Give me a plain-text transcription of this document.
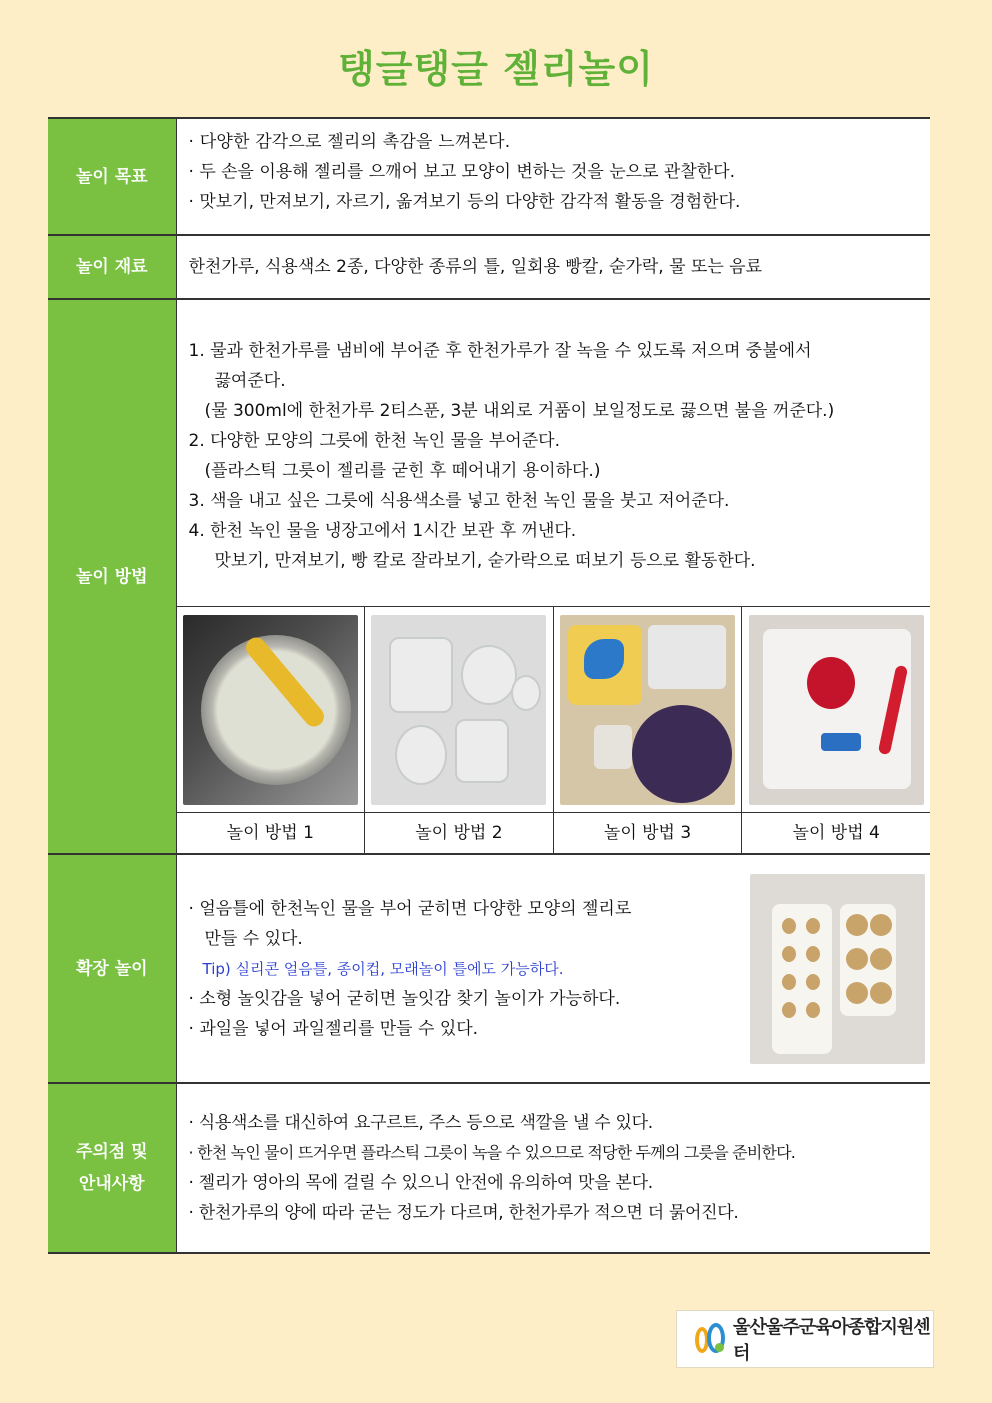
탱글탱글 젤리놀이
놀이 목표	
· 다양한 감각으로 젤리의 촉감을 느껴본다.
· 두 손을 이용해 젤리를 으깨어 보고 모양이 변하는 것을 눈으로 관찰한다.
· 맛보기, 만져보기, 자르기, 옮겨보기 등의 다양한 감각적 활동을 경험한다.

놀이 재료	한천가루, 식용색소 2종, 다양한 종류의 틀, 일회용 빵칼, 숟가락, 물 또는 음료

놀이 방법	
1. 물과 한천가루를 냄비에 부어준 후 한천가루가 잘 녹을 수 있도록 저으며 중불에서
끓여준다.
(물 300ml에 한천가루 2티스푼, 3분 내외로 거품이 보일정도로 끓으면 불을 꺼준다.)
2. 다양한 모양의 그릇에 한천 녹인 물을 부어준다.
(플라스틱 그릇이 젤리를 굳힌 후 떼어내기 용이하다.)
3. 색을 내고 싶은 그릇에 식용색소를 넣고 한천 녹인 물을 붓고 저어준다.
4. 한천 녹인 물을 냉장고에서 1시간 보관 후 꺼낸다.
맛보기, 만져보기, 빵 칼로 잘라보기, 숟가락으로 떠보기 등으로 활동한다.

놀이 방법 1	놀이 방법 2	놀이 방법 3	놀이 방법 4

확장 놀이	
· 얼음틀에 한천녹인 물을 부어 굳히면 다양한 모양의 젤리로
만들 수 있다.
Tip) 실리콘 얼음틀, 종이컵, 모래놀이 틀에도 가능하다.
· 소형 놀잇감을 넣어 굳히면 놀잇감 찾기 놀이가 가능하다.
· 과일을 넣어 과일젤리를 만들 수 있다.

주의점 및
안내사항

· 식용색소를 대신하여 요구르트, 주스 등으로 색깔을 낼 수 있다.
· 한천 녹인 물이 뜨거우면 플라스틱 그릇이 녹을 수 있으므로 적당한 두께의 그릇을 준비한다.
· 젤리가 영아의 목에 걸릴 수 있으니 안전에 유의하여 맛을 본다.
· 한천가루의 양에 따라 굳는 정도가 다르며, 한천가루가 적으면 더 묽어진다.
울산울주군육아종합지원센터
